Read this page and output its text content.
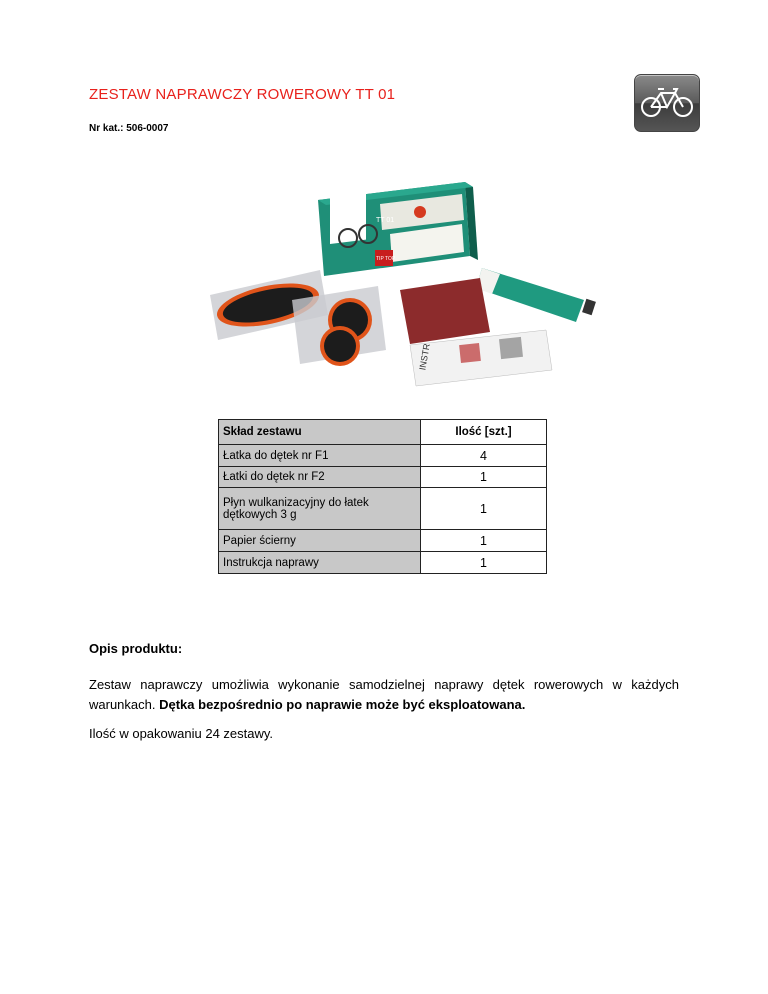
ZESTAW NAPRAWCZY ROWEROWY TT 01
Nr kat.: 506-0007
TT 01
TIP TOP
INSTR
Skład zestawu	Ilość [szt.]
Łatka do dętek nr F1	4
Łatki do dętek nr F2	1
Płyn wulkanizacyjny do łatek dętkowych 3 g	1
Papier ścierny	1
Instrukcja naprawy	1
Opis produktu:
Zestaw naprawczy umożliwia wykonanie samodzielnej naprawy dętek rowerowych w każdych warunkach. Dętka bezpośrednio po naprawie może być eksploatowana.
Ilość w opakowaniu 24 zestawy.
